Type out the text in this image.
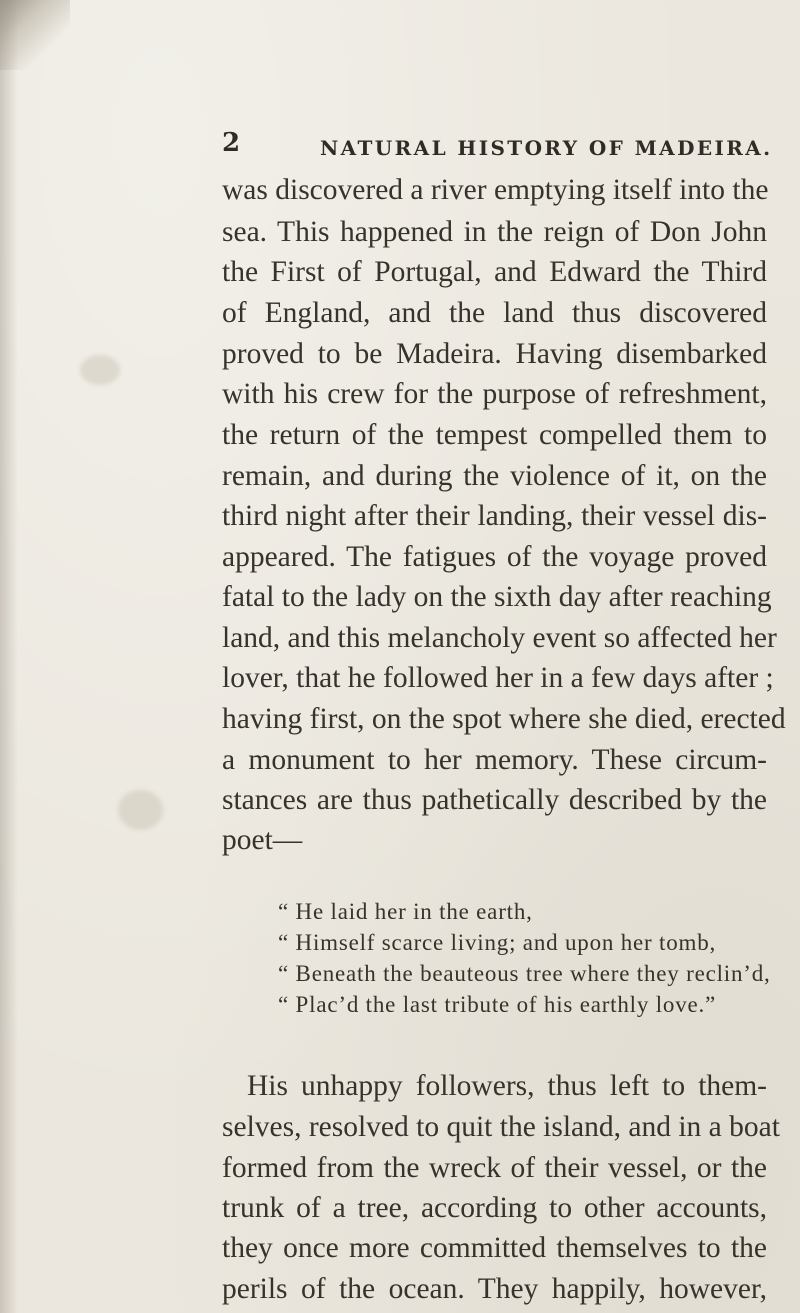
2	NATURAL HISTORY OF MADEIRA.
was discovered a river emptying itself into the
sea. This happened in the reign of Don John
the First of Portugal, and Edward the Third
of England, and the land thus discovered
proved to be Madeira. Having disembarked
with his crew for the purpose of refreshment,
the return of the tempest compelled them to
remain, and during the violence of it, on the
third night after their landing, their vessel dis-
appeared. The fatigues of the voyage proved
fatal to the lady on the sixth day after reaching
land, and this melancholy event so affected her
lover, that he followed her in a few days after ;
having first, on the spot where she died, erected
a monument to her memory. These circum-
stances are thus pathetically described by the
poet—
“ He laid her in the earth,
“ Himself scarce living; and upon her tomb,
“ Beneath the beauteous tree where they reclin’d,
“ Plac’d the last tribute of his earthly love.”
His unhappy followers, thus left to them-
selves, resolved to quit the island, and in a boat
formed from the wreck of their vessel, or the
trunk of a tree, according to other accounts,
they once more committed themselves to the
perils of the ocean. They happily, however,
